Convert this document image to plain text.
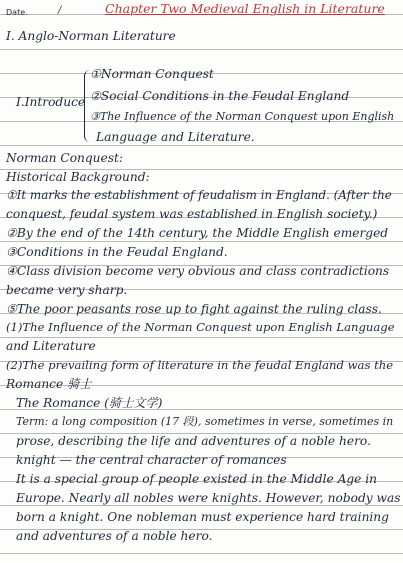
Date.	/	Chapter Two Medieval English in Literature
I. Anglo-Norman Literature
I.Introduce
①Norman Conquest
②Social Conditions in the Feudal England
③The Influence of the Norman Conquest upon English
Language and Literature.
Norman Conquest:
Historical Background:
①It marks the establishment of feudalism in England. (After the
conquest, feudal system was established in English society.)
②By the end of the 14th century, the Middle English emerged
③Conditions in the Feudal England.
④Class division become very obvious and class contradictions
became very sharp.
⑤The poor peasants rose up to fight against the ruling class.
(1)The Influence of the Norman Conquest upon English Language
and Literature
(2)The prevailing form of literature in the feudal England was the
Romance 骑士
The Romance (骑士文学)
Term: a long composition (17 段), sometimes in verse, sometimes in
prose, describing the life and adventures of a noble hero.
knight — the central character of romances
It is a special group of people existed in the Middle Age in
Europe. Nearly all nobles were knights. However, nobody was
born a knight. One nobleman must experience hard training
and adventures of a noble hero.
